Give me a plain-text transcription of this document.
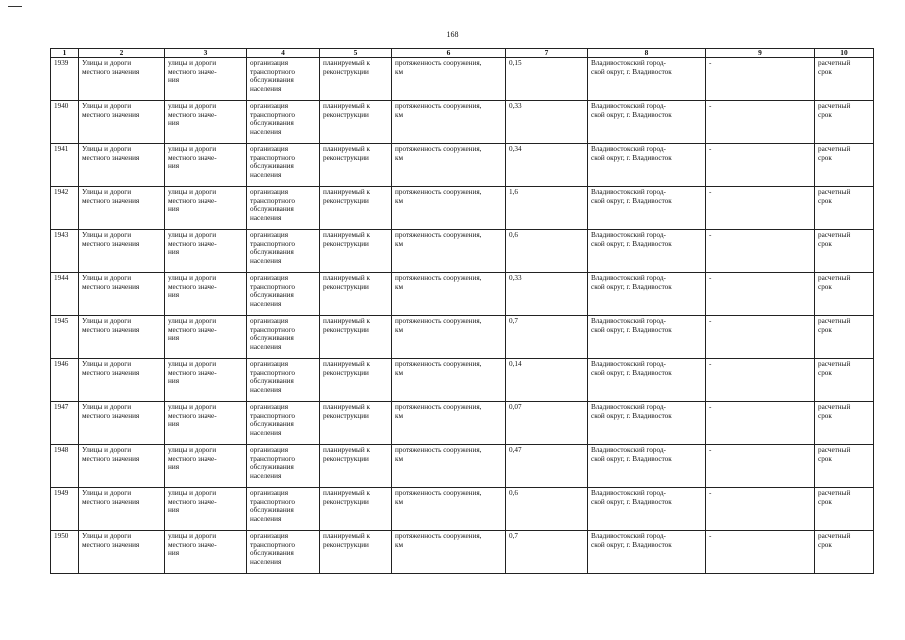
168
1	2	3	4	5	6	7	8	9	10
1939	Улицы и дороги
местного значения	улицы и дороги
местного значе-
ния	организация
транспортного
обслуживания
населения	планируемый к
реконструкции	протяженность сооружения,
км	0,15	Владивостокский город-
ской округ, г. Владивосток	-	расчетный
срок

1940	Улицы и дороги
местного значения	улицы и дороги
местного значе-
ния	организация
транспортного
обслуживания
населения	планируемый к
реконструкции	протяженность сооружения,
км	0,33	Владивостокский город-
ской округ, г. Владивосток	-	расчетный
срок

1941	Улицы и дороги
местного значения	улицы и дороги
местного значе-
ния	организация
транспортного
обслуживания
населения	планируемый к
реконструкции	протяженность сооружения,
км	0,34	Владивостокский город-
ской округ, г. Владивосток	-	расчетный
срок

1942	Улицы и дороги
местного значения	улицы и дороги
местного значе-
ния	организация
транспортного
обслуживания
населения	планируемый к
реконструкции	протяженность сооружения,
км	1,6	Владивостокский город-
ской округ, г. Владивосток	-	расчетный
срок

1943	Улицы и дороги
местного значения	улицы и дороги
местного значе-
ния	организация
транспортного
обслуживания
населения	планируемый к
реконструкции	протяженность сооружения,
км	0,6	Владивостокский город-
ской округ, г. Владивосток	-	расчетный
срок

1944	Улицы и дороги
местного значения	улицы и дороги
местного значе-
ния	организация
транспортного
обслуживания
населения	планируемый к
реконструкции	протяженность сооружения,
км	0,33	Владивостокский город-
ской округ, г. Владивосток	-	расчетный
срок

1945	Улицы и дороги
местного значения	улицы и дороги
местного значе-
ния	организация
транспортного
обслуживания
населения	планируемый к
реконструкции	протяженность сооружения,
км	0,7	Владивостокский город-
ской округ, г. Владивосток	-	расчетный
срок

1946	Улицы и дороги
местного значения	улицы и дороги
местного значе-
ния	организация
транспортного
обслуживания
населения	планируемый к
реконструкции	протяженность сооружения,
км	0,14	Владивостокский город-
ской округ, г. Владивосток	-	расчетный
срок

1947	Улицы и дороги
местного значения	улицы и дороги
местного значе-
ния	организация
транспортного
обслуживания
населения	планируемый к
реконструкции	протяженность сооружения,
км	0,07	Владивостокский город-
ской округ, г. Владивосток	-	расчетный
срок

1948	Улицы и дороги
местного значения	улицы и дороги
местного значе-
ния	организация
транспортного
обслуживания
населения	планируемый к
реконструкции	протяженность сооружения,
км	0,47	Владивостокский город-
ской округ, г. Владивосток	-	расчетный
срок

1949	Улицы и дороги
местного значения	улицы и дороги
местного значе-
ния	организация
транспортного
обслуживания
населения	планируемый к
реконструкции	протяженность сооружения,
км	0,6	Владивостокский город-
ской округ, г. Владивосток	-	расчетный
срок

1950	Улицы и дороги
местного значения	улицы и дороги
местного значе-
ния	организация
транспортного
обслуживания
населения	планируемый к
реконструкции	протяженность сооружения,
км	0,7	Владивостокский город-
ской округ, г. Владивосток	-	расчетный
срок
